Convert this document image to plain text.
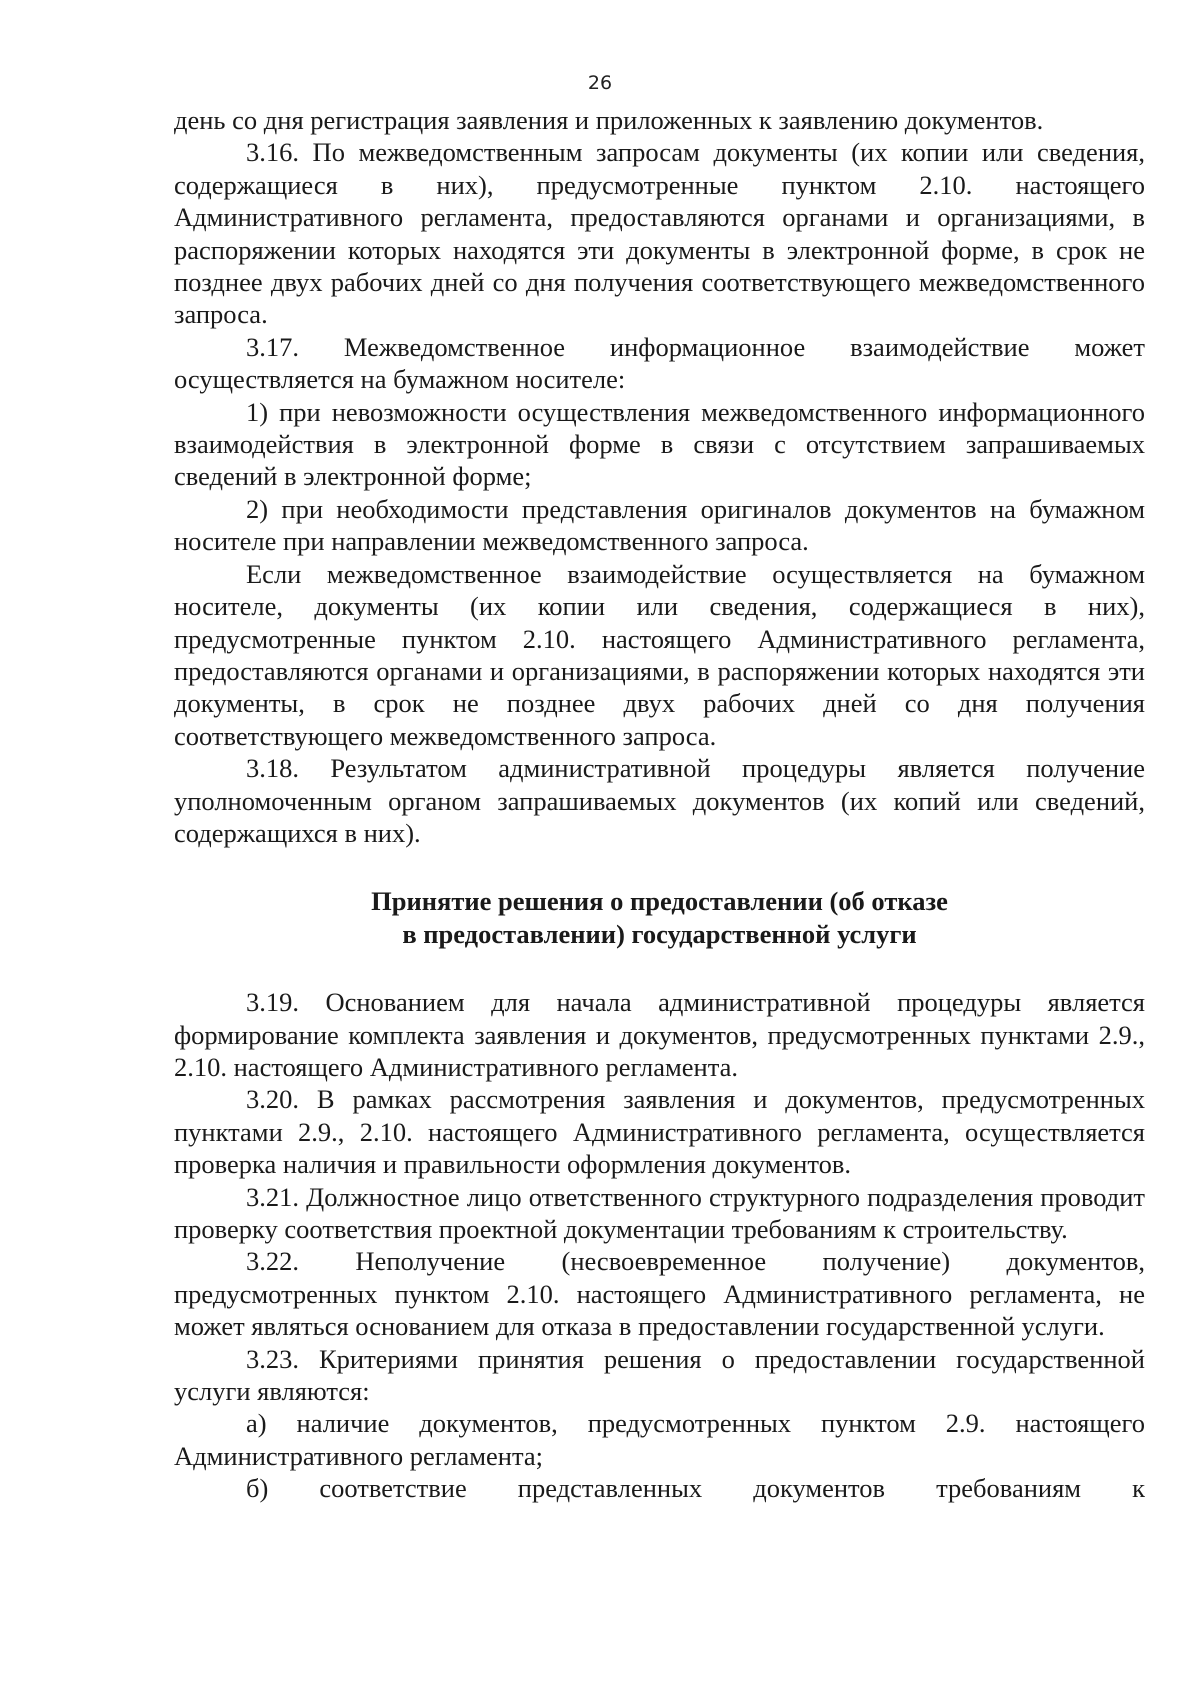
26

день со дня регистрация заявления и приложенных к заявлению документов.

3.16. По межведомственным запросам документы (их копии или сведения, содержащиеся в них), предусмотренные пунктом 2.10. настоящего Административного регламента, предоставляются органами и организациями, в распоряжении которых находятся эти документы в электронной форме, в срок не позднее двух рабочих дней со дня получения соответствующего межведомственного запроса.

3.17. Межведомственное информационное взаимодействие может осуществляется на бумажном носителе:

1) при невозможности осуществления межведомственного информационного взаимодействия в электронной форме в связи с отсутствием запрашиваемых сведений в электронной форме;

2) при необходимости представления оригиналов документов на бумажном носителе при направлении межведомственного запроса.

Если межведомственное взаимодействие осуществляется на бумажном носителе, документы (их копии или сведения, содержащиеся в них), предусмотренные пунктом 2.10. настоящего Административного регламента, предоставляются органами и организациями, в распоряжении которых находятся эти документы, в срок не позднее двух рабочих дней со дня получения соответствующего межведомственного запроса.

3.18. Результатом административной процедуры является получение уполномоченным органом запрашиваемых документов (их копий или сведений, содержащихся в них).

Принятие решения о предоставлении (об отказе
в предоставлении) государственной услуги

3.19. Основанием для начала административной процедуры является формирование комплекта заявления и документов, предусмотренных пунктами 2.9., 2.10. настоящего Административного регламента.

3.20. В рамках рассмотрения заявления и документов, предусмотренных пунктами 2.9., 2.10. настоящего Административного регламента, осуществляется проверка наличия и правильности оформления документов.

3.21. Должностное лицо ответственного структурного подразделения проводит проверку соответствия проектной документации требованиям к строительству.

3.22. Неполучение (несвоевременное получение) документов, предусмотренных пунктом 2.10. настоящего Административного регламента, не может являться основанием для отказа в предоставлении государственной услуги.

3.23. Критериями принятия решения о предоставлении государственной услуги являются:

а) наличие документов, предусмотренных пунктом 2.9. настоящего Административного регламента;

б) соответствие представленных документов требованиям к
